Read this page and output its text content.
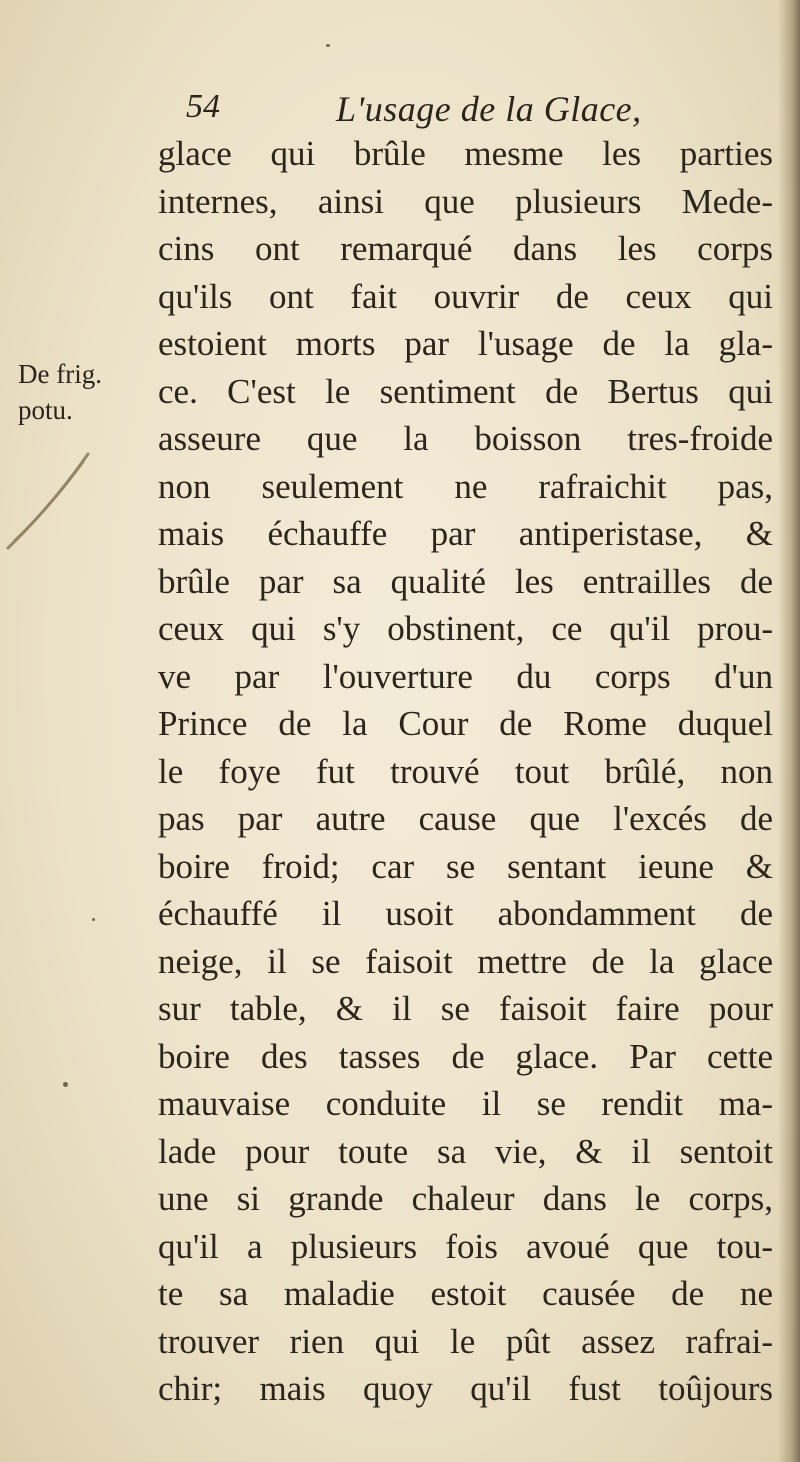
54	L'usage de la Glace,
De frig.
potu.
glace qui brûle mesme les parties
internes, ainsi que plusieurs Mede-
cins ont remarqué dans les corps
qu'ils ont fait ouvrir de ceux qui
estoient morts par l'usage de la gla-
ce. C'est le sentiment de Bertus qui
asseure que la boisson tres-froide
non seulement ne rafraichit pas,
mais échauffe par antiperistase, &
brûle par sa qualité les entrailles de
ceux qui s'y obstinent, ce qu'il prou-
ve par l'ouverture du corps d'un
Prince de la Cour de Rome duquel
le foye fut trouvé tout brûlé, non
pas par autre cause que l'excés de
boire froid; car se sentant ieune &
échauffé il usoit abondamment de
neige, il se faisoit mettre de la glace
sur table, & il se faisoit faire pour
boire des tasses de glace. Par cette
mauvaise conduite il se rendit ma-
lade pour toute sa vie, & il sentoit
une si grande chaleur dans le corps,
qu'il a plusieurs fois avoué que tou-
te sa maladie estoit causée de ne
trouver rien qui le pût assez rafrai-
chir; mais quoy qu'il fust toûjours
